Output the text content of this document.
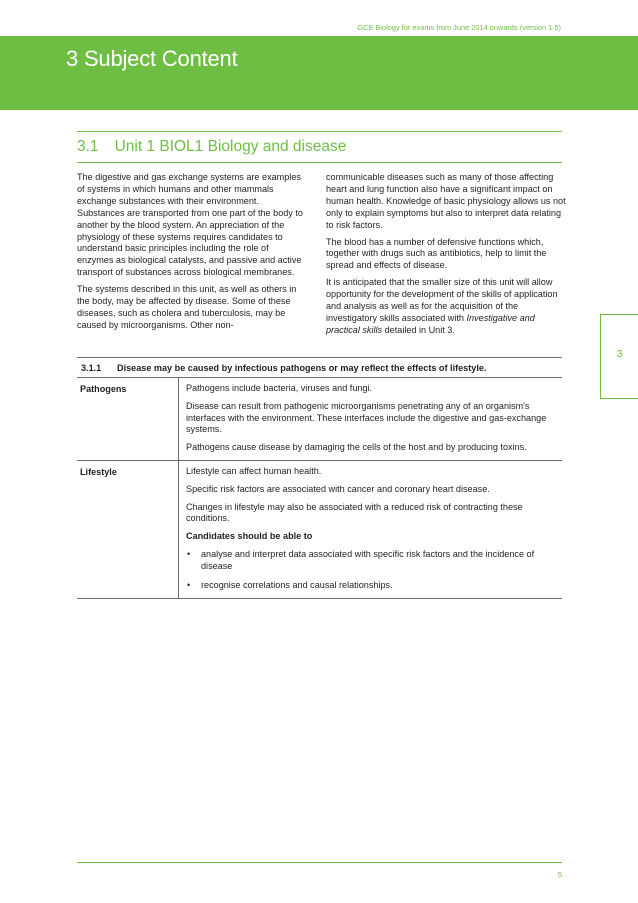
GCE Biology for exams from June 2014 onwards (version 1.5)
3 Subject Content
3.1 Unit 1 BIOL1 Biology and disease

The digestive and gas exchange systems are examples of systems in which humans and other mammals exchange substances with their environment. Substances are transported from one part of the body to another by the blood system. An appreciation of the physiology of these systems requires candidates to understand basic principles including the role of enzymes as biological catalysts, and passive and active transport of substances across biological membranes.

The systems described in this unit, as well as others in the body, may be affected by disease. Some of these diseases, such as cholera and tuberculosis, may be caused by microorganisms. Other non-

communicable diseases such as many of those affecting heart and lung function also have a significant impact on human health. Knowledge of basic physiology allows us not only to explain symptoms but also to interpret data relating to risk factors.

The blood has a number of defensive functions which, together with drugs such as antibiotics, help to limit the spread and effects of disease.

It is anticipated that the smaller size of this unit will allow opportunity for the development of the skills of application and analysis as well as for the acquisition of the investigatory skills associated with Investigative and practical skills detailed in Unit 3.

3
3.1.1	Disease may be caused by infectious pathogens or may reflect the effects of lifestyle.
Pathogens	Pathogens include bacteria, viruses and fungi.

Disease can result from pathogenic microorganisms penetrating any of an organism's interfaces with the environment. These interfaces include the digestive and gas-exchange systems.

Pathogens cause disease by damaging the cells of the host and by producing toxins.

Lifestyle	Lifestyle can affect human health.

Specific risk factors are associated with cancer and coronary heart disease.

Changes in lifestyle may also be associated with a reduced risk of contracting these conditions.

Candidates should be able to

• analyse and interpret data associated with specific risk factors and the incidence of disease
• recognise correlations and causal relationships.
5
